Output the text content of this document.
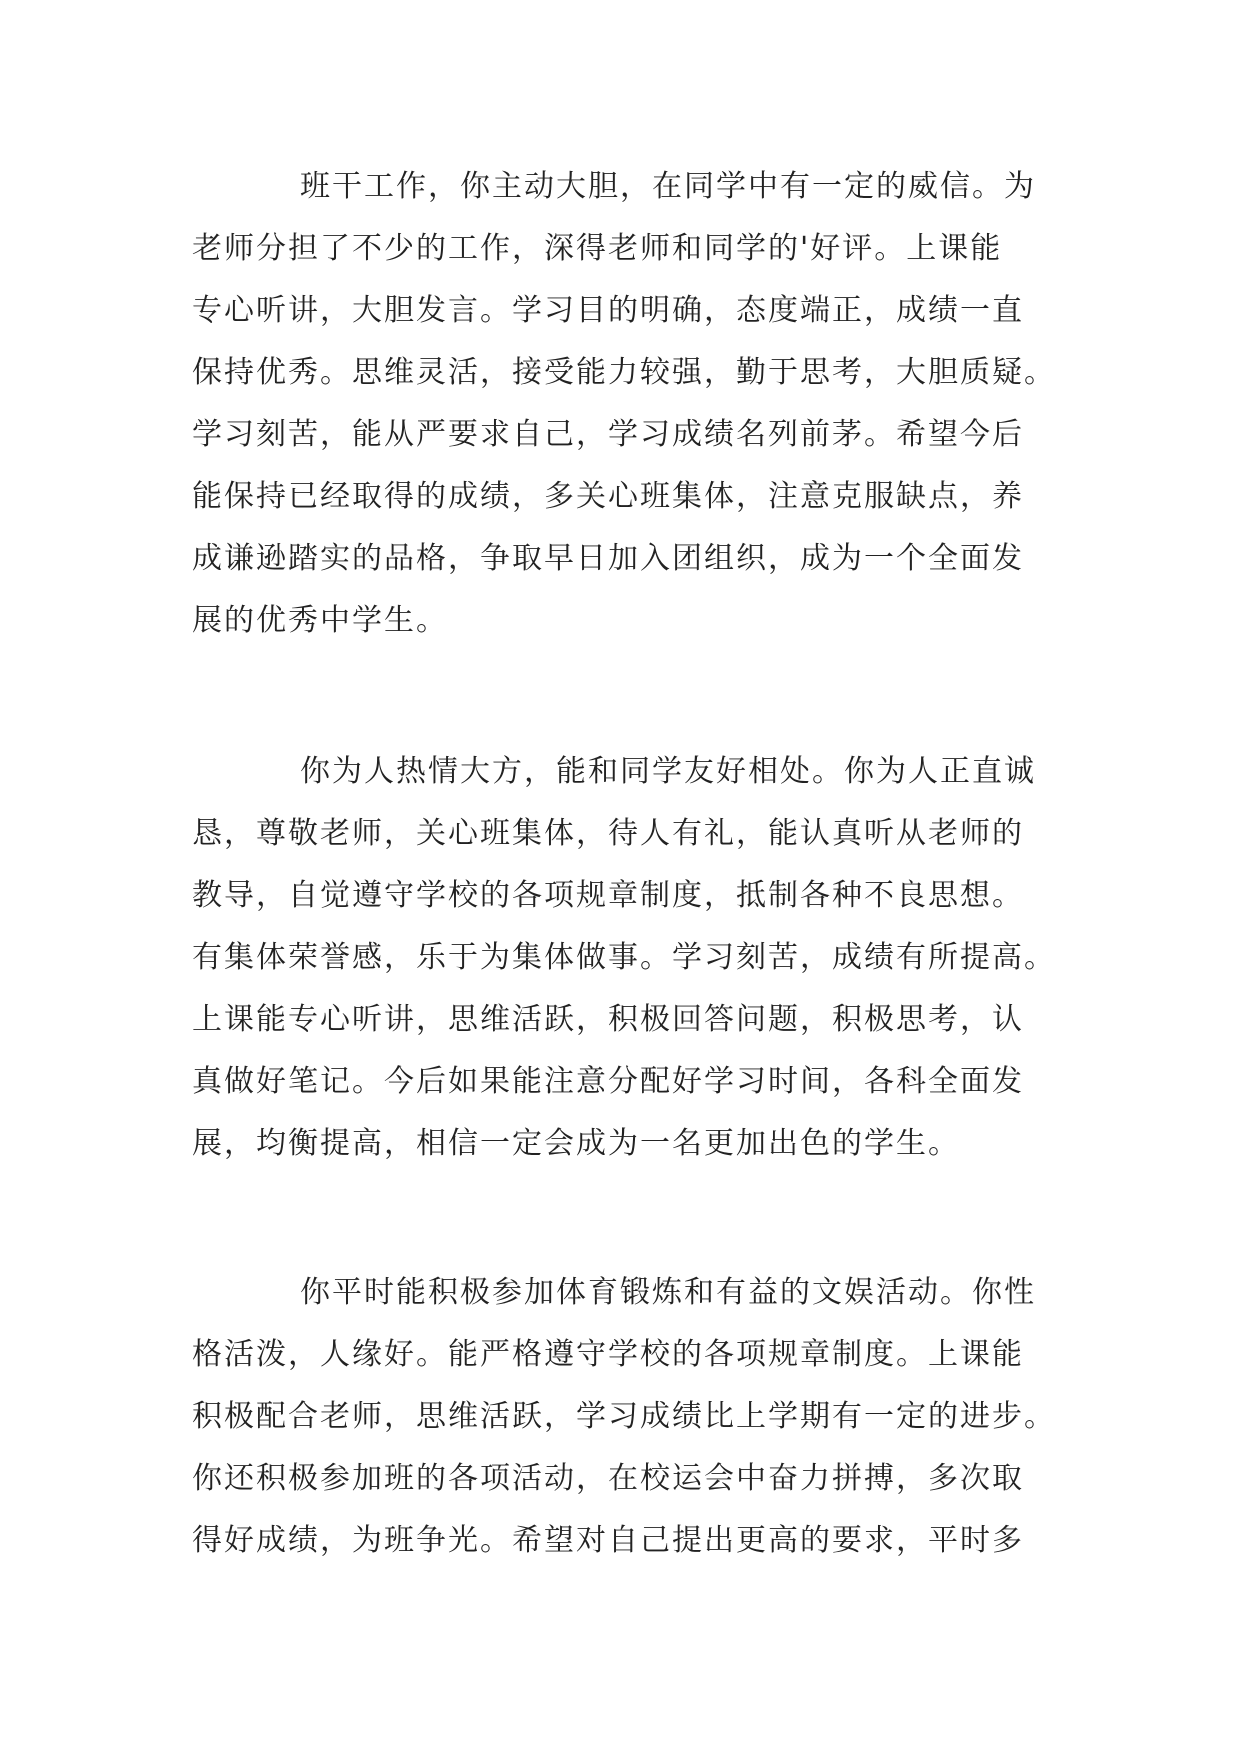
班干工作，你主动大胆，在同学中有一定的威信。为
老师分担了不少的工作，深得老师和同学的'好评。上课能
专心听讲，大胆发言。学习目的明确，态度端正，成绩一直
保持优秀。思维灵活，接受能力较强，勤于思考，大胆质疑。
学习刻苦，能从严要求自己，学习成绩名列前茅。希望今后
能保持已经取得的成绩，多关心班集体，注意克服缺点，养
成谦逊踏实的品格，争取早日加入团组织，成为一个全面发
展的优秀中学生。
你为人热情大方，能和同学友好相处。你为人正直诚
恳，尊敬老师，关心班集体，待人有礼，能认真听从老师的
教导，自觉遵守学校的各项规章制度，抵制各种不良思想。
有集体荣誉感，乐于为集体做事。学习刻苦，成绩有所提高。
上课能专心听讲，思维活跃，积极回答问题，积极思考，认
真做好笔记。今后如果能注意分配好学习时间，各科全面发
展，均衡提高，相信一定会成为一名更加出色的学生。
你平时能积极参加体育锻炼和有益的文娱活动。你性
格活泼，人缘好。能严格遵守学校的各项规章制度。上课能
积极配合老师，思维活跃，学习成绩比上学期有一定的进步。
你还积极参加班的各项活动，在校运会中奋力拼搏，多次取
得好成绩，为班争光。希望对自己提出更高的要求，平时多
